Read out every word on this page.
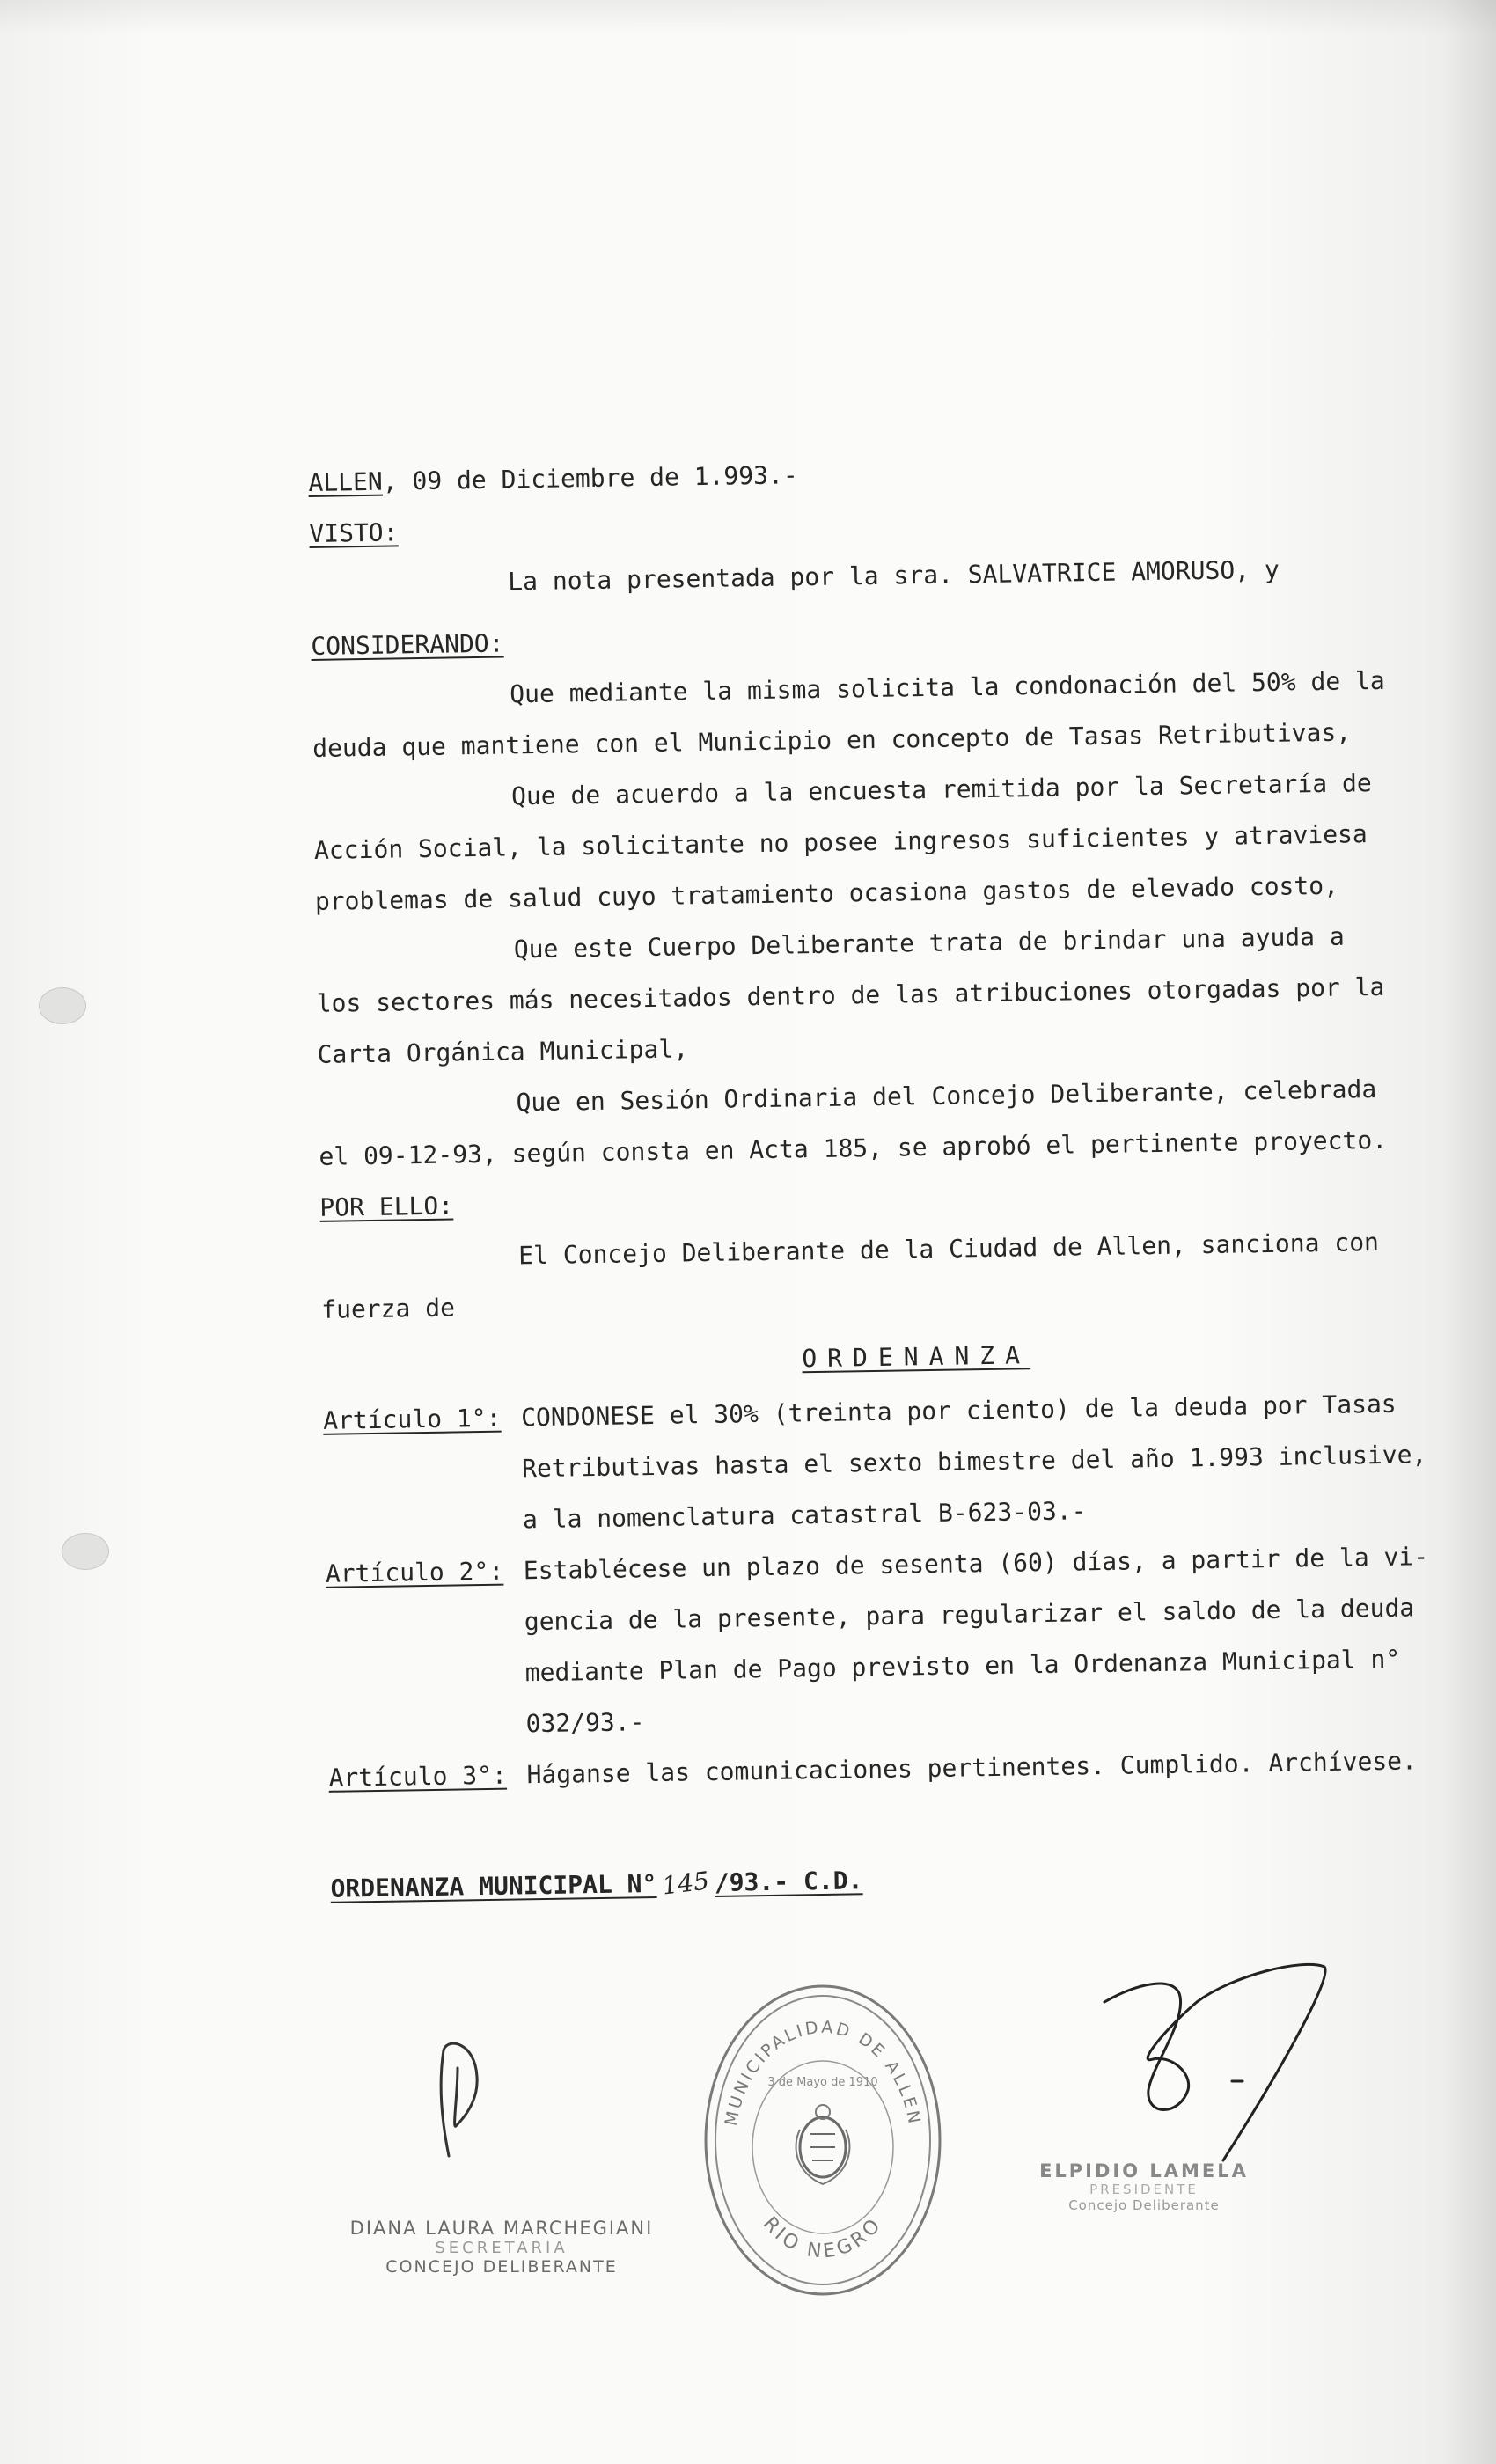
ALLEN, 09 de Diciembre de 1.993.-
VISTO:
La nota presentada por la sra. SALVATRICE AMORUSO, y
CONSIDERANDO:
Que mediante la misma solicita la condonación del 50% de la
deuda que mantiene con el Municipio en concepto de Tasas Retributivas,
Que de acuerdo a la encuesta remitida por la Secretaría de
Acción Social, la solicitante no posee ingresos suficientes y atraviesa
problemas de salud cuyo tratamiento ocasiona gastos de elevado costo,
Que este Cuerpo Deliberante trata de brindar una ayuda a
los sectores más necesitados dentro de las atribuciones otorgadas por la
Carta Orgánica Municipal,
Que en Sesión Ordinaria del Concejo Deliberante, celebrada
el 09-12-93, según consta en Acta 185, se aprobó el pertinente proyecto.
POR ELLO:
El Concejo Deliberante de la Ciudad de Allen, sanciona con
fuerza de
ORDENANZA
Artículo 1°: CONDONESE el 30% (treinta por ciento) de la deuda por Tasas
Retributivas hasta el sexto bimestre del año 1.993 inclusive,
a la nomenclatura catastral B-623-03.-
Artículo 2°: Establécese un plazo de sesenta (60) días, a partir de la vi-
gencia de la presente, para regularizar el saldo de la deuda
mediante Plan de Pago previsto en la Ordenanza Municipal n°
032/93.-
Artículo 3°: Háganse las comunicaciones pertinentes. Cumplido. Archívese.
ORDENANZA MUNICIPAL N° 145 /93.- C.D.
MUNICIPALIDAD DE ALLEN
3 de Mayo de 1910
RIO NEGRO
DIANA LAURA MARCHEGIANI
SECRETARIA
CONCEJO DELIBERANTE
ELPIDIO LAMELA
PRESIDENTE
Concejo Deliberante
